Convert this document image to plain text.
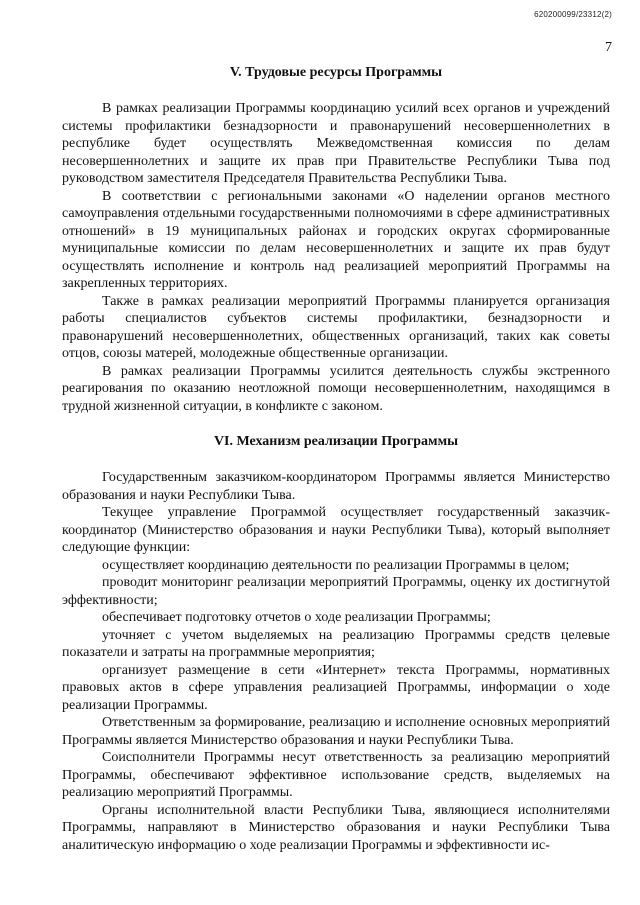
620200099/23312(2)
7
V. Трудовые ресурсы Программы

В рамках реализации Программы координацию усилий всех органов и учреждений системы профилактики безнадзорности и правонарушений несовершеннолетних в республике будет осуществлять Межведомственная комиссия по делам несовершеннолетних и защите их прав при Правительстве Республики Тыва под руководством заместителя Председателя Правительства Республики Тыва.

В соответствии с региональными законами «О наделении органов местного самоуправления отдельными государственными полномочиями в сфере административных отношений» в 19 муниципальных районах и городских округах сформированные муниципальные комиссии по делам несовершеннолетних и защите их прав будут осуществлять исполнение и контроль над реализацией мероприятий Программы на закрепленных территориях.

Также в рамках реализации мероприятий Программы планируется организация работы специалистов субъектов системы профилактики, безнадзорности и правонарушений несовершеннолетних, общественных организаций, таких как советы отцов, союзы матерей, молодежные общественные организации.

В рамках реализации Программы усилится деятельность службы экстренного реагирования по оказанию неотложной помощи несовершеннолетним, находящимся в трудной жизненной ситуации, в конфликте с законом.

VI. Механизм реализации Программы

Государственным заказчиком-координатором Программы является Министерство образования и науки Республики Тыва.

Текущее управление Программой осуществляет государственный заказчик-координатор (Министерство образования и науки Республики Тыва), который выполняет следующие функции:

осуществляет координацию деятельности по реализации Программы в целом;

проводит мониторинг реализации мероприятий Программы, оценку их достигнутой эффективности;

обеспечивает подготовку отчетов о ходе реализации Программы;

уточняет с учетом выделяемых на реализацию Программы средств целевые показатели и затраты на программные мероприятия;

организует размещение в сети «Интернет» текста Программы, нормативных правовых актов в сфере управления реализацией Программы, информации о ходе реализации Программы.

Ответственным за формирование, реализацию и исполнение основных мероприятий Программы является Министерство образования и науки Республики Тыва.

Соисполнители Программы несут ответственность за реализацию мероприятий Программы, обеспечивают эффективное использование средств, выделяемых на реализацию мероприятий Программы.

Органы исполнительной власти Республики Тыва, являющиеся исполнителями Программы, направляют в Министерство образования и науки Республики Тыва аналитическую информацию о ходе реализации Программы и эффективности ис-
